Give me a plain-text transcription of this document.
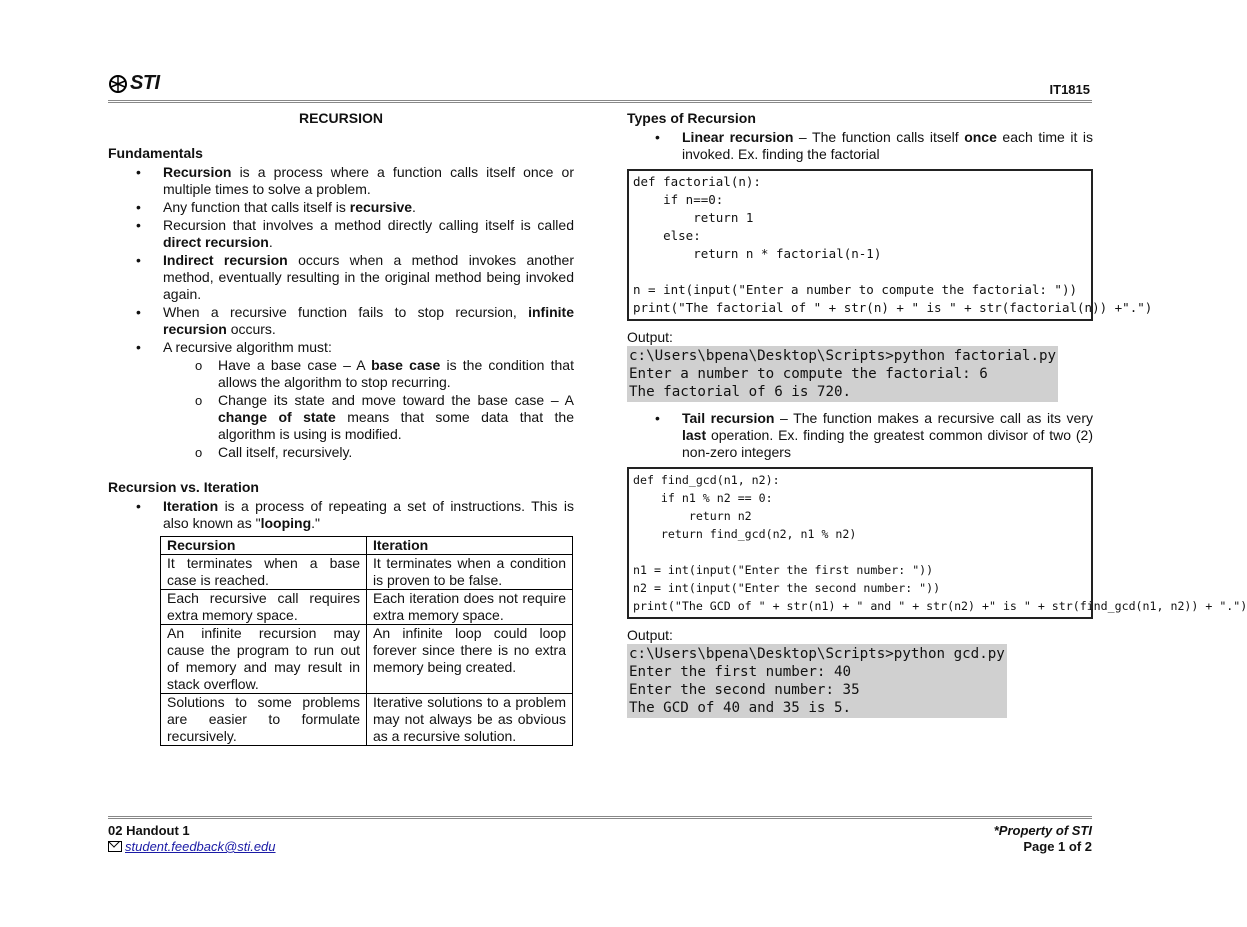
STI	IT1815
RECURSION
Fundamentals
• Recursion is a process where a function calls itself once or multiple times to solve a problem.
• Any function that calls itself is recursive.
• Recursion that involves a method directly calling itself is called direct recursion.
• Indirect recursion occurs when a method invokes another method, eventually resulting in the original method being invoked again.
• When a recursive function fails to stop recursion, infinite recursion occurs.
• A recursive algorithm must:
o Have a base case – A base case is the condition that allows the algorithm to stop recurring.
o Change its state and move toward the base case – A change of state means that some data that the algorithm is using is modified.
o Call itself, recursively.
Recursion vs. Iteration
• Iteration is a process of repeating a set of instructions. This is also known as "looping."
Recursion	Iteration
It terminates when a base case is reached.	It terminates when a condition is proven to be false.
Each recursive call requires extra memory space.	Each iteration does not require extra memory space.
An infinite recursion may cause the program to run out of memory and may result in stack overflow.	An infinite loop could loop forever since there is no extra memory being created.
Solutions to some problems are easier to formulate recursively.	Iterative solutions to a problem may not always be as obvious as a recursive solution.
Types of Recursion
• Linear recursion – The function calls itself once each time it is invoked. Ex. finding the factorial
def factorial(n):
if n==0:
return 1
else:
return n * factorial(n-1)

n = int(input("Enter a number to compute the factorial: "))
print("The factorial of " + str(n) + " is " + str(factorial(n)) +".")
Output:
c:\Users\bpena\Desktop\Scripts>python factorial.py
Enter a number to compute the factorial: 6
The factorial of 6 is 720.
• Tail recursion – The function makes a recursive call as its very last operation. Ex. finding the greatest common divisor of two (2) non-zero integers
def find_gcd(n1, n2):
if n1 % n2 == 0:
return n2
return find_gcd(n2, n1 % n2)

n1 = int(input("Enter the first number: "))
n2 = int(input("Enter the second number: "))
print("The GCD of " + str(n1) + " and " + str(n2) +" is " + str(find_gcd(n1, n2)) + ".")
Output:
c:\Users\bpena\Desktop\Scripts>python gcd.py
Enter the first number: 40
Enter the second number: 35
The GCD of 40 and 35 is 5.
02 Handout 1
student.feedback@sti.edu
*Property of STI
Page 1 of 2
